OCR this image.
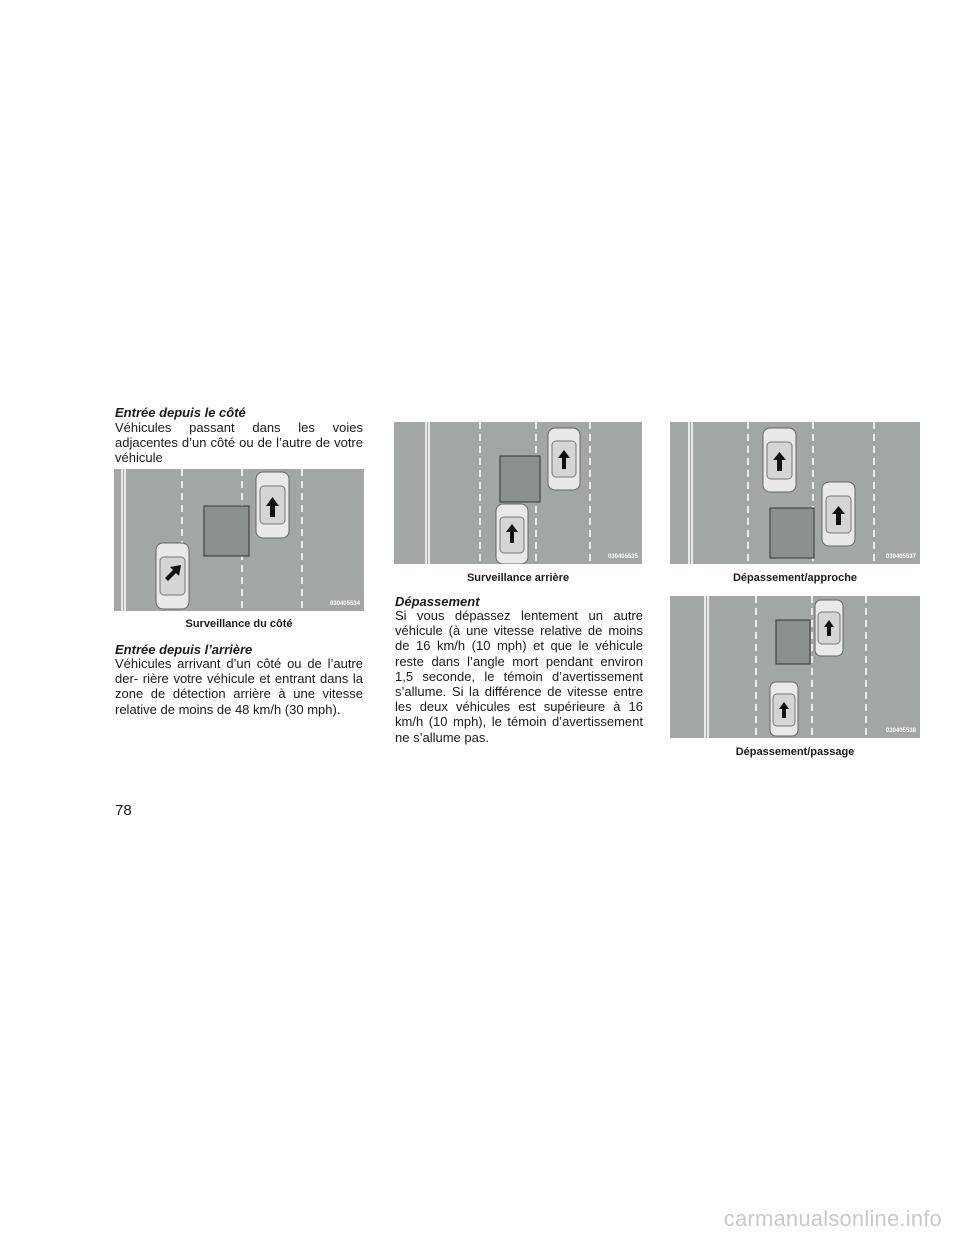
Entrée depuis le côté
Véhicules passant dans les voies adjacentes d’un côté ou de l’autre de votre véhicule
030405534
Surveillance du côté
Entrée depuis l’arrière
Véhicules arrivant d’un côté ou de l’autre der- rière votre véhicule et entrant dans la zone de détection arrière à une vitesse relative de moins de 48 km/h (30 mph).
030405535
Surveillance arrière
Dépassement
Si vous dépassez lentement un autre véhicule (à une vitesse relative de moins de 16 km/h (10 mph) et que le véhicule reste dans l’angle mort pendant environ 1,5 seconde, le témoin d’avertissement s’allume. Si la différence de vitesse entre les deux véhicules est supérieure à 16 km/h (10 mph), le témoin d’avertissement ne s’allume pas.
030405537
Dépassement/approche
030405538
Dépassement/passage
78
carmanualsonline.info
